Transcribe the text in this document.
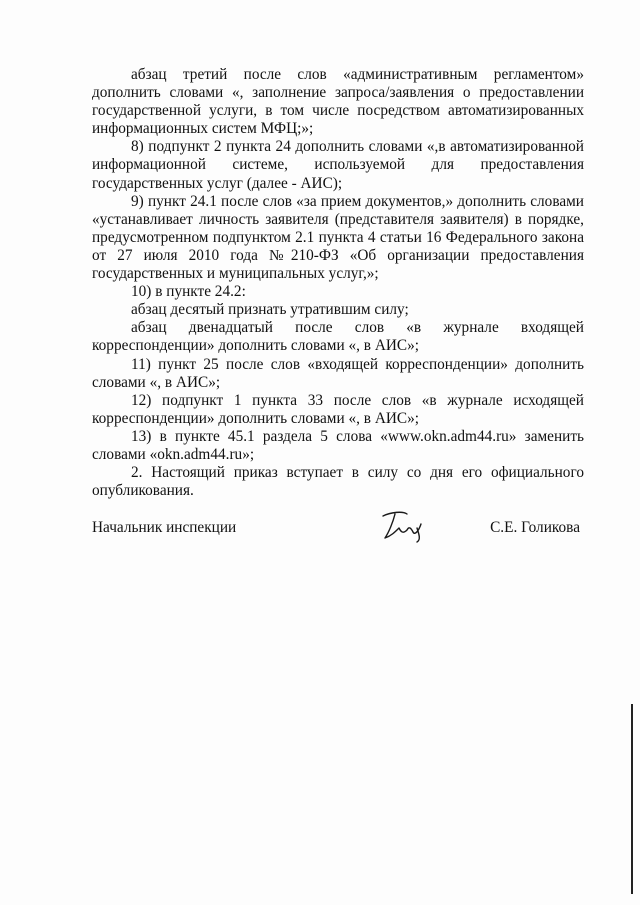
абзац третий после слов «административным регламентом» дополнить словами «, заполнение запроса/заявления о предоставлении государственной услуги, в том числе посредством автоматизированных информационных систем МФЦ;»;

8) подпункт 2 пункта 24 дополнить словами «,в автоматизированной информационной системе, используемой для предоставления государственных услуг (далее - АИС);

9) пункт 24.1 после слов «за прием документов,» дополнить словами «устанавливает личность заявителя (представителя заявителя) в порядке, предусмотренном подпунктом 2.1 пункта 4 статьи 16 Федерального закона от 27 июля 2010 года №210-ФЗ «Об организации предоставления государственных и муниципальных услуг,»;

10) в пункте 24.2:

абзац десятый признать утратившим силу;

абзац двенадцатый после слов «в журнале входящей корреспонденции» дополнить словами «, в АИС»;

11) пункт 25 после слов «входящей корреспонденции» дополнить словами «, в АИС»;

12) подпункт 1 пункта 33 после слов «в журнале исходящей корреспонденции» дополнить словами «, в АИС»;

13) в пункте 45.1 раздела 5 слова «www.okn.adm44.ru» заменить словами «okn.adm44.ru»;

2. Настоящий приказ вступает в силу со дня его официального опубликования.

Начальник инспекции	С.Е. Голикова
